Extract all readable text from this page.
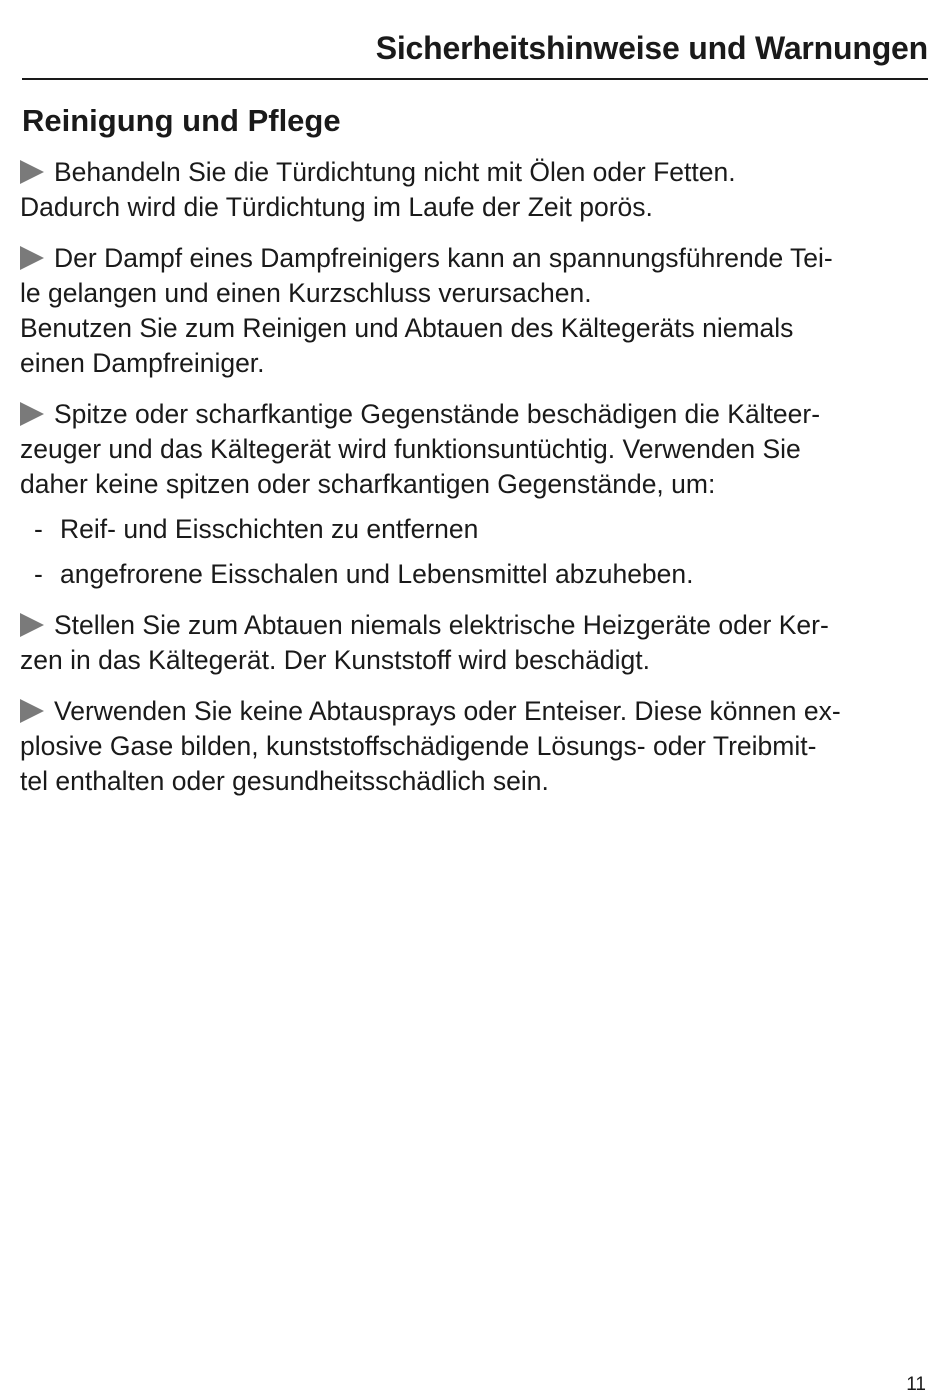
Sicherheitshinweise und Warnungen
Reinigung und Pflege
Behandeln Sie die Türdichtung nicht mit Ölen oder Fetten.
Dadurch wird die Türdichtung im Laufe der Zeit porös.
Der Dampf eines Dampfreinigers kann an spannungsführende Tei-
le gelangen und einen Kurzschluss verursachen.
Benutzen Sie zum Reinigen und Abtauen des Kältegeräts niemals
einen Dampfreiniger.
Spitze oder scharfkantige Gegenstände beschädigen die Kälteer-
zeuger und das Kältegerät wird funktionsuntüchtig. Verwenden Sie
daher keine spitzen oder scharfkantigen Gegenstände, um:
- Reif- und Eisschichten zu entfernen
- angefrorene Eisschalen und Lebensmittel abzuheben.
Stellen Sie zum Abtauen niemals elektrische Heizgeräte oder Ker-
zen in das Kältegerät. Der Kunststoff wird beschädigt.
Verwenden Sie keine Abtausprays oder Enteiser. Diese können ex-
plosive Gase bilden, kunststoffschädigende Lösungs- oder Treibmit-
tel enthalten oder gesundheitsschädlich sein.
11
